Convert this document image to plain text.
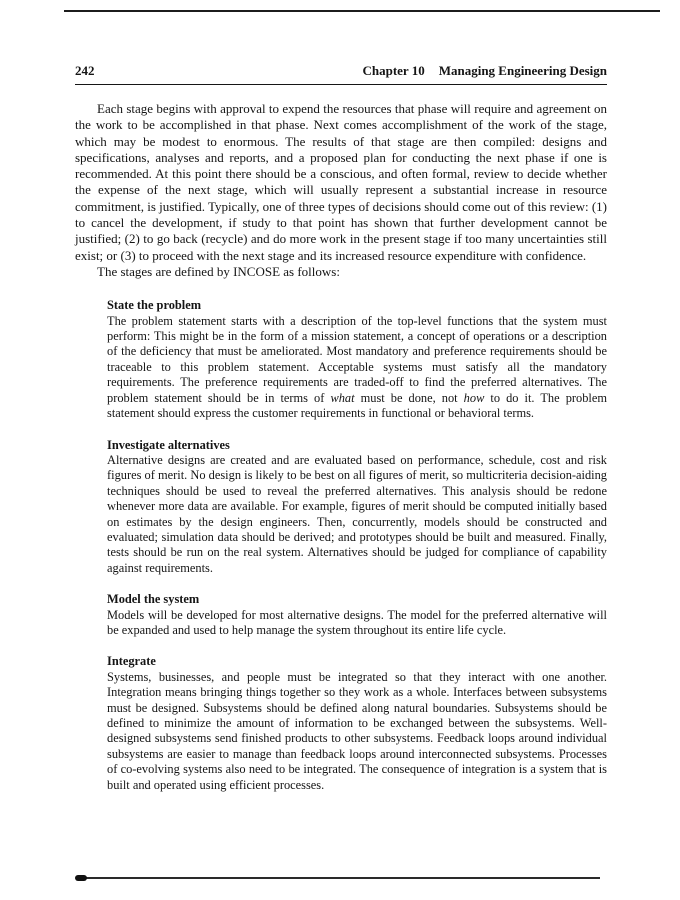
242	Chapter 10 Managing Engineering Design

Each stage begins with approval to expend the resources that phase will require and agreement on the work to be accomplished in that phase. Next comes accomplishment of the work of the stage, which may be modest to enormous. The results of that stage are then compiled: designs and specifications, analyses and reports, and a proposed plan for conducting the next phase if one is recommended. At this point there should be a conscious, and often formal, review to decide whether the expense of the next stage, which will usually represent a substantial increase in resource commitment, is justified. Typically, one of three types of decisions should come out of this review: (1) to cancel the development, if study to that point has shown that further development cannot be justified; (2) to go back (recycle) and do more work in the present stage if too many uncertainties still exist; or (3) to proceed with the next stage and its increased resource expenditure with confidence.

The stages are defined by INCOSE as follows:

State the problem

The problem statement starts with a description of the top-level functions that the system must perform: This might be in the form of a mission statement, a concept of operations or a description of the deficiency that must be ameliorated. Most mandatory and preference requirements should be traceable to this problem statement. Acceptable systems must satisfy all the mandatory requirements. The preference requirements are traded-off to find the preferred alternatives. The problem statement should be in terms of what must be done, not how to do it. The problem statement should express the customer requirements in functional or behavioral terms.

Investigate alternatives

Alternative designs are created and are evaluated based on performance, schedule, cost and risk figures of merit. No design is likely to be best on all figures of merit, so multicriteria decision-aiding techniques should be used to reveal the preferred alternatives. This analysis should be redone whenever more data are available. For example, figures of merit should be computed initially based on estimates by the design engineers. Then, concurrently, models should be constructed and evaluated; simulation data should be derived; and prototypes should be built and measured. Finally, tests should be run on the real system. Alternatives should be judged for compliance of capability against requirements.

Model the system

Models will be developed for most alternative designs. The model for the preferred alternative will be expanded and used to help manage the system throughout its entire life cycle.

Integrate

Systems, businesses, and people must be integrated so that they interact with one another. Integration means bringing things together so they work as a whole. Interfaces between subsystems must be designed. Subsystems should be defined along natural boundaries. Subsystems should be defined to minimize the amount of information to be exchanged between the subsystems. Well-designed subsystems send finished products to other subsystems. Feedback loops around individual subsystems are easier to manage than feedback loops around interconnected subsystems. Processes of co-evolving systems also need to be integrated. The consequence of integration is a system that is built and operated using efficient processes.
